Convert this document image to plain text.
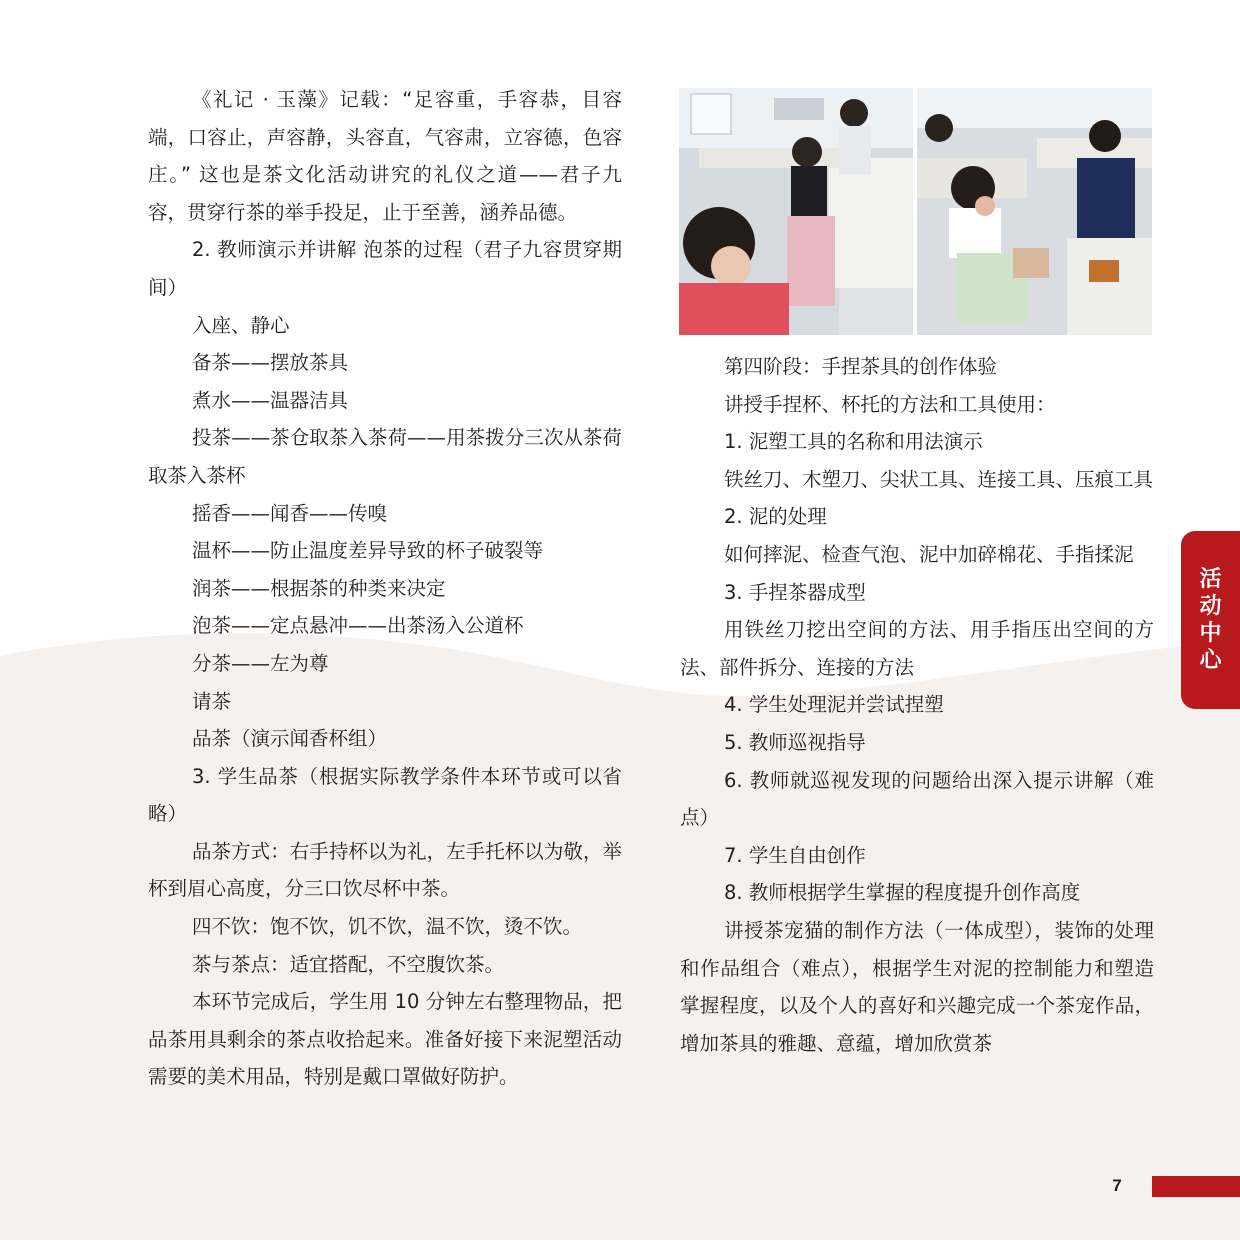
《礼记 · 玉藻》记载：“足容重，手容恭，目容端，口容止，声容静，头容直，气容肃，立容德，色容庄。” 这也是茶文化活动讲究的礼仪之道——君子九容，贯穿行茶的举手投足，止于至善，涵养品德。

2. 教师演示并讲解 泡茶的过程（君子九容贯穿期间）

入座、静心

备茶——摆放茶具

煮水——温器洁具

投茶——茶仓取茶入茶荷——用茶拨分三次从茶荷取茶入茶杯

摇香——闻香——传嗅

温杯——防止温度差异导致的杯子破裂等

润茶——根据茶的种类来决定

泡茶——定点悬冲——出茶汤入公道杯

分茶——左为尊

请茶

品茶（演示闻香杯组）

3. 学生品茶（根据实际教学条件本环节或可以省略）

品茶方式：右手持杯以为礼，左手托杯以为敬，举杯到眉心高度，分三口饮尽杯中茶。

四不饮：饱不饮，饥不饮，温不饮，烫不饮。

茶与茶点：适宜搭配，不空腹饮茶。

本环节完成后，学生用 10 分钟左右整理物品，把品茶用具剩余的茶点收拾起来。准备好接下来泥塑活动需要的美术用品，特别是戴口罩做好防护。

第四阶段：手捏茶具的创作体验

讲授手捏杯、杯托的方法和工具使用：

1. 泥塑工具的名称和用法演示

铁丝刀、木塑刀、尖状工具、连接工具、压痕工具

2. 泥的处理

如何摔泥、检查气泡、泥中加碎棉花、手指揉泥

3. 手捏茶器成型

用铁丝刀挖出空间的方法、用手指压出空间的方法、部件拆分、连接的方法

4. 学生处理泥并尝试捏塑

5. 教师巡视指导

6. 教师就巡视发现的问题给出深入提示讲解（难点）

7. 学生自由创作

8. 教师根据学生掌握的程度提升创作高度

讲授茶宠猫的制作方法（一体成型），装饰的处理和作品组合（难点），根据学生对泥的控制能力和塑造掌握程度，以及个人的喜好和兴趣完成一个茶宠作品，增加茶具的雅趣、意蕴，增加欣赏茶

活动中心
7
